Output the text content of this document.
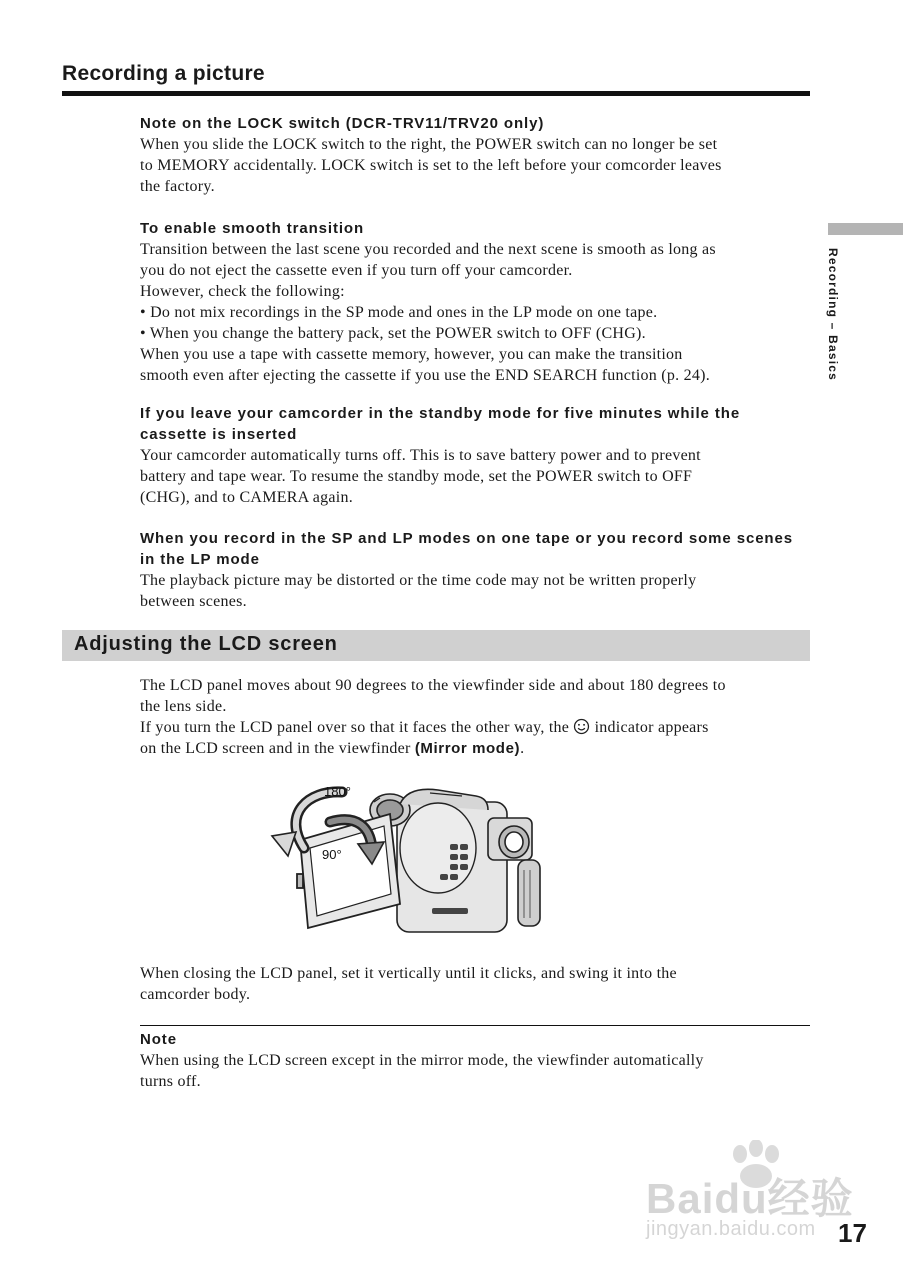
Recording a picture
Recording – Basics
Note on the LOCK switch (DCR-TRV11/TRV20 only)
When you slide the LOCK switch to the right, the POWER switch can no longer be set
to MEMORY accidentally. LOCK switch is set to the left before your comcorder leaves
the factory.
To enable smooth transition
Transition between the last scene you recorded and the next scene is smooth as long as
you do not eject the cassette even if you turn off your camcorder.
However, check the following:
• Do not mix recordings in the SP mode and ones in the LP mode on one tape.
• When you change the battery pack, set the POWER switch to OFF (CHG).
When you use a tape with cassette memory, however, you can make the transition
smooth even after ejecting the cassette if you use the END SEARCH function (p. 24).
If you leave your camcorder in the standby mode for five minutes while the
cassette is inserted
Your camcorder automatically turns off. This is to save battery power and to prevent
battery and tape wear. To resume the standby mode, set the POWER switch to OFF
(CHG), and to CAMERA again.
When you record in the SP and LP modes on one tape or you record some scenes
in the LP mode
The playback picture may be distorted or the time code may not be written properly
between scenes.
Adjusting the LCD screen
The LCD panel moves about 90 degrees to the viewfinder side and about 180 degrees to
the lens side.
If you turn the LCD panel over so that it faces the other way, the indicator appears
on the LCD screen and in the viewfinder (Mirror mode).
180°
90°
When closing the LCD panel, set it vertically until it clicks, and swing it into the
camcorder body.
Note
When using the LCD screen except in the mirror mode, the viewfinder automatically
turns off.
Baidu经验
jingyan.baidu.com 17
